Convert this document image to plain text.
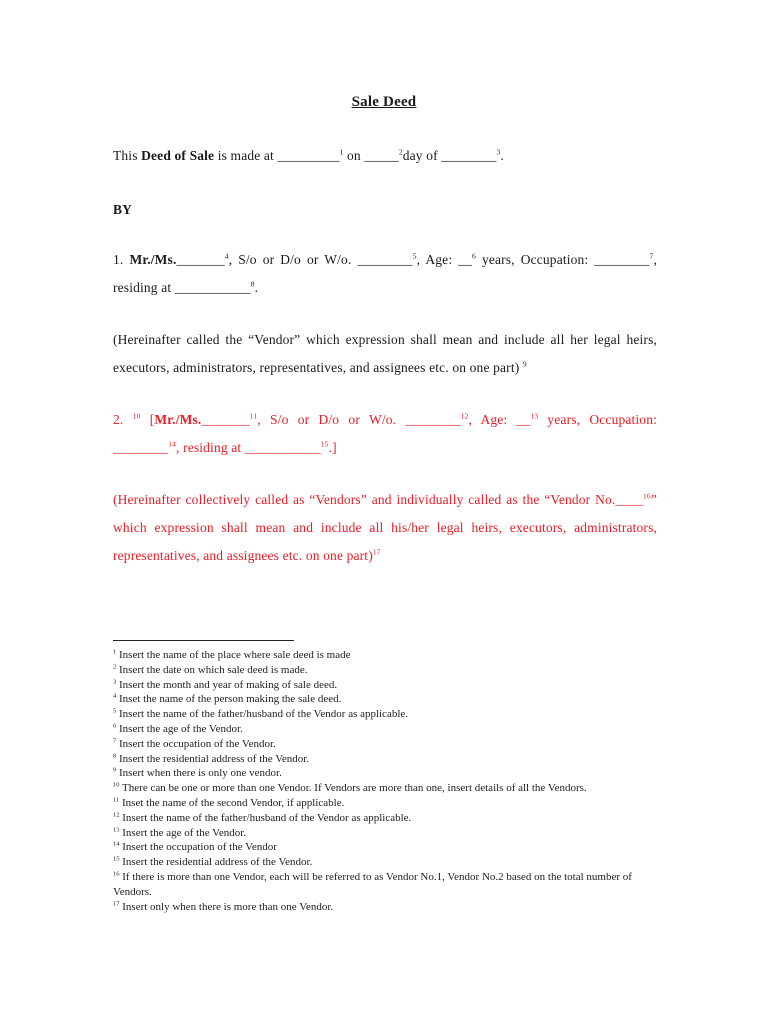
Sale Deed
This Deed of Sale is made at _________$^1$ on _____$^2$day of ________$^3$.
BY
1. Mr./Ms._______$^4$, S/o or D/o or W/o. ________$^5$, Age: __$^6$ years, Occupation: ________$^7$, residing at ___________$^8$.
(Hereinafter called the “Vendor” which expression shall mean and include all her legal heirs, executors, administrators, representatives, and assignees etc. on one part) $^9$
2. $^{10}$ [Mr./Ms._______$^{11}$, S/o or D/o or W/o. ________$^{12}$, Age: __$^{13}$ years, Occupation: ________$^{14}$, residing at ___________$^{15}$.]
(Hereinafter collectively called as “Vendors” and individually called as the “Vendor No.____$^{16}$” which expression shall mean and include all his/her legal heirs, executors, administrators, representatives, and assignees etc. on one part)$^{17}$

$^1$ Insert the name of the place where sale deed is made

$^2$ Insert the date on which sale deed is made.

$^3$ Insert the month and year of making of sale deed.

$^4$ Inset the name of the person making the sale deed.

$^5$ Insert the name of the father/husband of the Vendor as applicable.

$^6$ Insert the age of the Vendor.

$^7$ Insert the occupation of the Vendor.

$^8$ Insert the residential address of the Vendor.

$^9$ Insert when there is only one vendor.

$^{10}$ There can be one or more than one Vendor. If Vendors are more than one, insert details of all the Vendors.

$^{11}$ Inset the name of the second Vendor, if applicable.

$^{12}$ Insert the name of the father/husband of the Vendor as applicable.

$^{13}$ Insert the age of the Vendor.

$^{14}$ Insert the occupation of the Vendor

$^{15}$ Insert the residential address of the Vendor.

$^{16}$ If there is more than one Vendor, each will be referred to as Vendor No.1, Vendor No.2 based on the total number of Vendors.

$^{17}$ Insert only when there is more than one Vendor.
